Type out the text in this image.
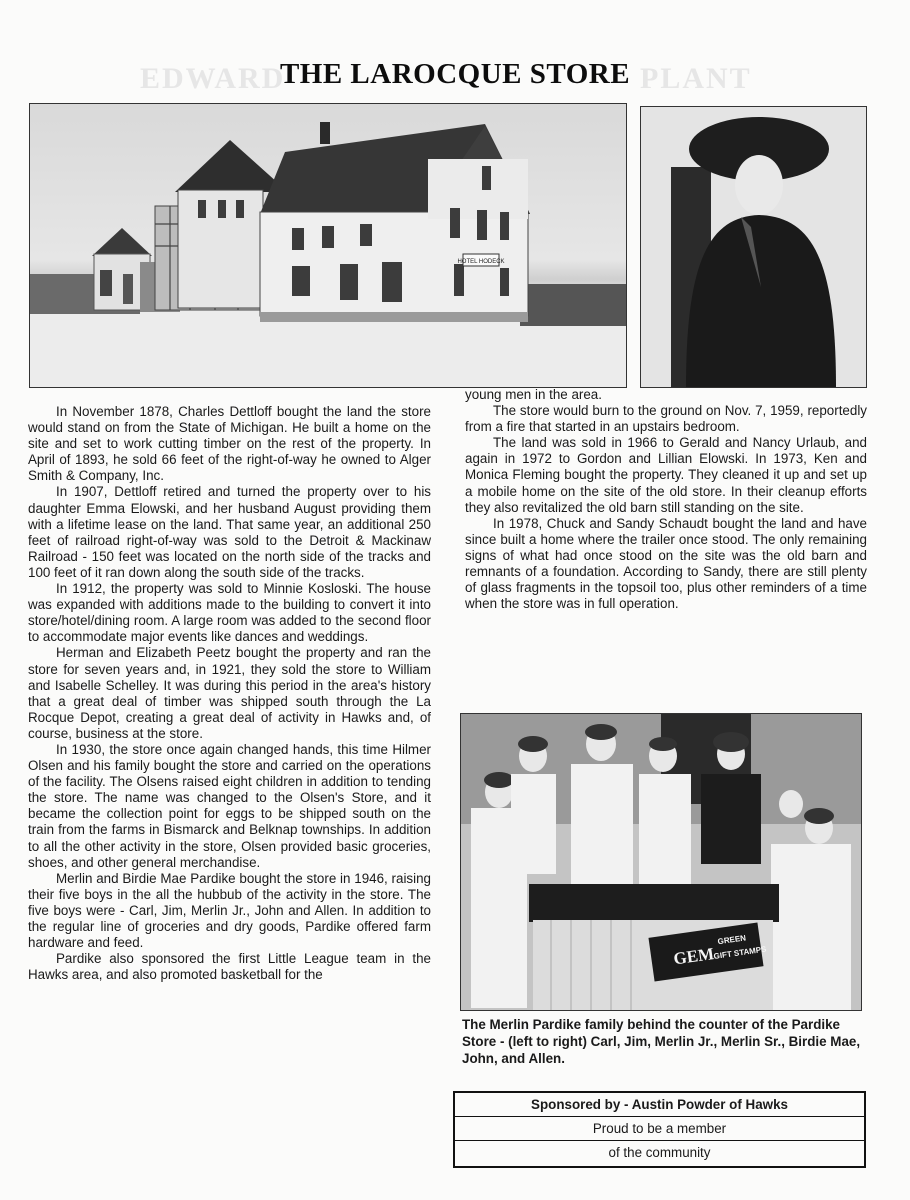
EDWARD	PLANT
THE LAROCQUE STORE
HOTEL HODECK

In November 1878, Charles Dettloff bought the land the store would stand on from the State of Michigan. He built a home on the site and set to work cutting timber on the rest of the property. In April of 1893, he sold 66 feet of the right-of-way he owned to Alger Smith & Company, Inc.

In 1907, Dettloff retired and turned the property over to his daughter Emma Elowski, and her husband August providing them with a lifetime lease on the land. That same year, an additional 250 feet of railroad right-of-way was sold to the Detroit & Mackinaw Railroad - 150 feet was located on the north side of the tracks and 100 feet of it ran down along the south side of the tracks.

In 1912, the property was sold to Minnie Kosloski. The house was expanded with additions made to the building to convert it into store/hotel/dining room. A large room was added to the second floor to accommodate major events like dances and weddings.

Herman and Elizabeth Peetz bought the property and ran the store for seven years and, in 1921, they sold the store to William and Isabelle Schelley. It was during this period in the area's history that a great deal of timber was shipped south through the La Rocque Depot, creating a great deal of activity in Hawks and, of course, business at the store.

In 1930, the store once again changed hands, this time Hilmer Olsen and his family bought the store and carried on the operations of the facility. The Olsens raised eight children in addition to tending the store. The name was changed to the Olsen's Store, and it became the collection point for eggs to be shipped south on the train from the farms in Bismarck and Belknap townships. In addition to all the other activity in the store, Olsen provided basic groceries, shoes, and other general merchandise.

Merlin and Birdie Mae Pardike bought the store in 1946, raising their five boys in the all the hubbub of the activity in the store. The five boys were - Carl, Jim, Merlin Jr., John and Allen. In addition to the regular line of groceries and dry goods, Pardike offered farm hardware and feed.

Pardike also sponsored the first Little League team in the Hawks area, and also promoted basketball for the

young men in the area.

The store would burn to the ground on Nov. 7, 1959, reportedly from a fire that started in an upstairs bedroom.

The land was sold in 1966 to Gerald and Nancy Urlaub, and again in 1972 to Gordon and Lillian Elowski. In 1973, Ken and Monica Fleming bought the property. They cleaned it up and set up a mobile home on the site of the old store. In their cleanup efforts they also revitalized the old barn still standing on the site.

In 1978, Chuck and Sandy Schaudt bought the land and have since built a home where the trailer once stood. The only remaining signs of what had once stood on the site was the old barn and remnants of a foundation. According to Sandy, there are still plenty of glass fragments in the topsoil too, plus other reminders of a time when the store was in full operation.

GEM
GREEN
GIFT STAMPS
The Merlin Pardike family behind the counter of the Pardike Store - (left to right) Carl, Jim, Merlin Jr., Merlin Sr., Birdie Mae, John, and Allen.
Sponsored by - Austin Powder of Hawks
Proud to be a member
of the community
